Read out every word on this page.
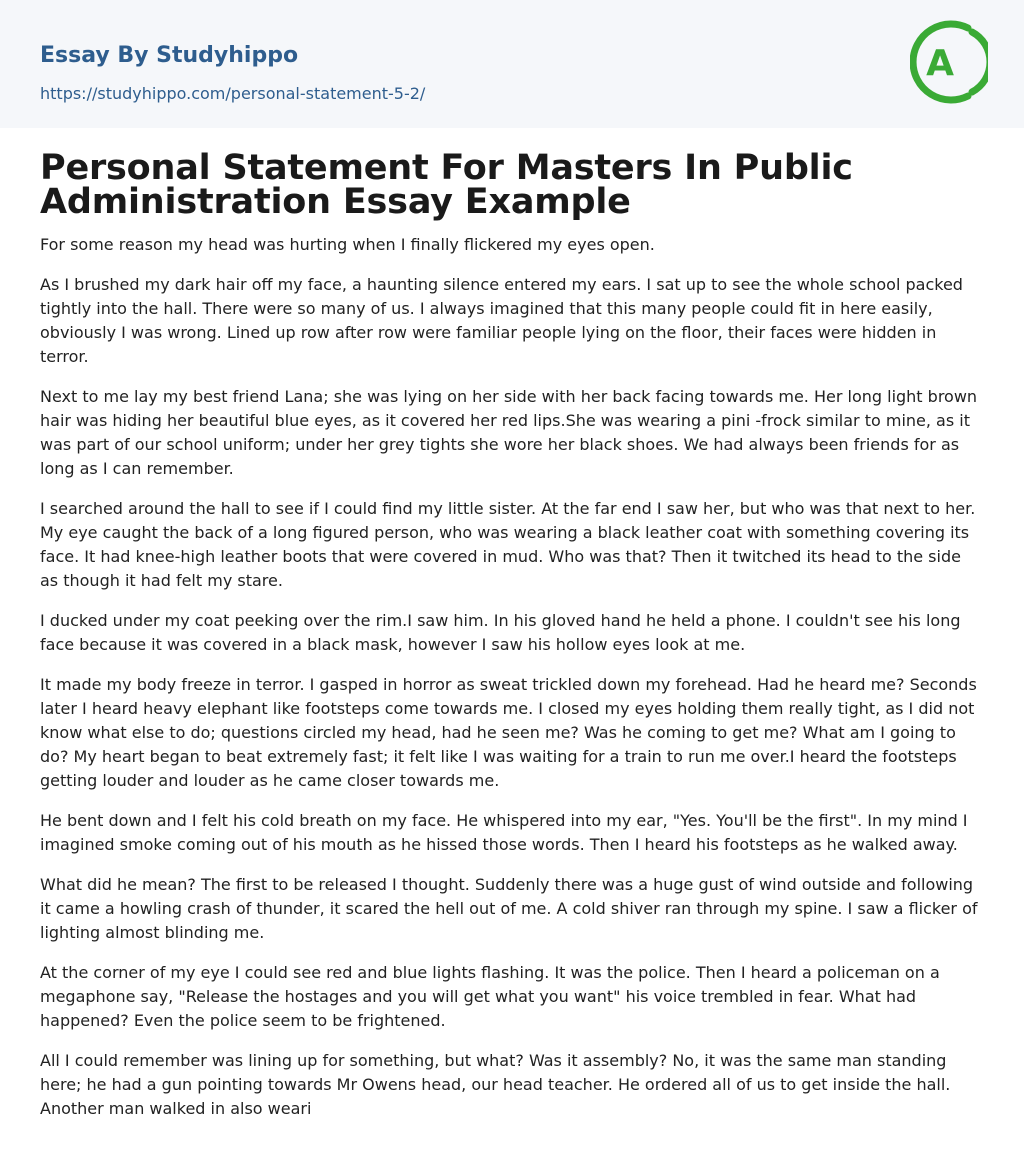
Essay By Studyhippo
https://studyhippo.com/personal-statement-5-2/
A
Personal Statement For Masters In Public Administration Essay Example

For some reason my head was hurting when I finally flickered my eyes open.

As I brushed my dark hair off my face, a haunting silence entered my ears. I sat up to see the whole school packed tightly into the hall. There were so many of us. I always imagined that this many people could fit in here easily, obviously I was wrong. Lined up row after row were familiar people lying on the floor, their faces were hidden in terror.

Next to me lay my best friend Lana; she was lying on her side with her back facing towards me. Her long light brown hair was hiding her beautiful blue eyes, as it covered her red lips.She was wearing a pini -frock similar to mine, as it was part of our school uniform; under her grey tights she wore her black shoes. We had always been friends for as long as I can remember.

I searched around the hall to see if I could find my little sister. At the far end I saw her, but who was that next to her. My eye caught the back of a long figured person, who was wearing a black leather coat with something covering its face. It had knee-high leather boots that were covered in mud. Who was that? Then it twitched its head to the side as though it had felt my stare.

I ducked under my coat peeking over the rim.I saw him. In his gloved hand he held a phone. I couldn't see his long face because it was covered in a black mask, however I saw his hollow eyes look at me.

It made my body freeze in terror. I gasped in horror as sweat trickled down my forehead. Had he heard me? Seconds later I heard heavy elephant like footsteps come towards me. I closed my eyes holding them really tight, as I did not know what else to do; questions circled my head, had he seen me? Was he coming to get me? What am I going to do? My heart began to beat extremely fast; it felt like I was waiting for a train to run me over.I heard the footsteps getting louder and louder as he came closer towards me.

He bent down and I felt his cold breath on my face. He whispered into my ear, "Yes. You'll be the first". In my mind I imagined smoke coming out of his mouth as he hissed those words. Then I heard his footsteps as he walked away.

What did he mean? The first to be released I thought. Suddenly there was a huge gust of wind outside and following it came a howling crash of thunder, it scared the hell out of me. A cold shiver ran through my spine. I saw a flicker of lighting almost blinding me.

At the corner of my eye I could see red and blue lights flashing. It was the police. Then I heard a policeman on a megaphone say, "Release the hostages and you will get what you want" his voice trembled in fear. What had happened? Even the police seem to be frightened.

All I could remember was lining up for something, but what? Was it assembly? No, it was the same man standing here; he had a gun pointing towards Mr Owens head, our head teacher. He ordered all of us to get inside the hall. Another man walked in also weari
